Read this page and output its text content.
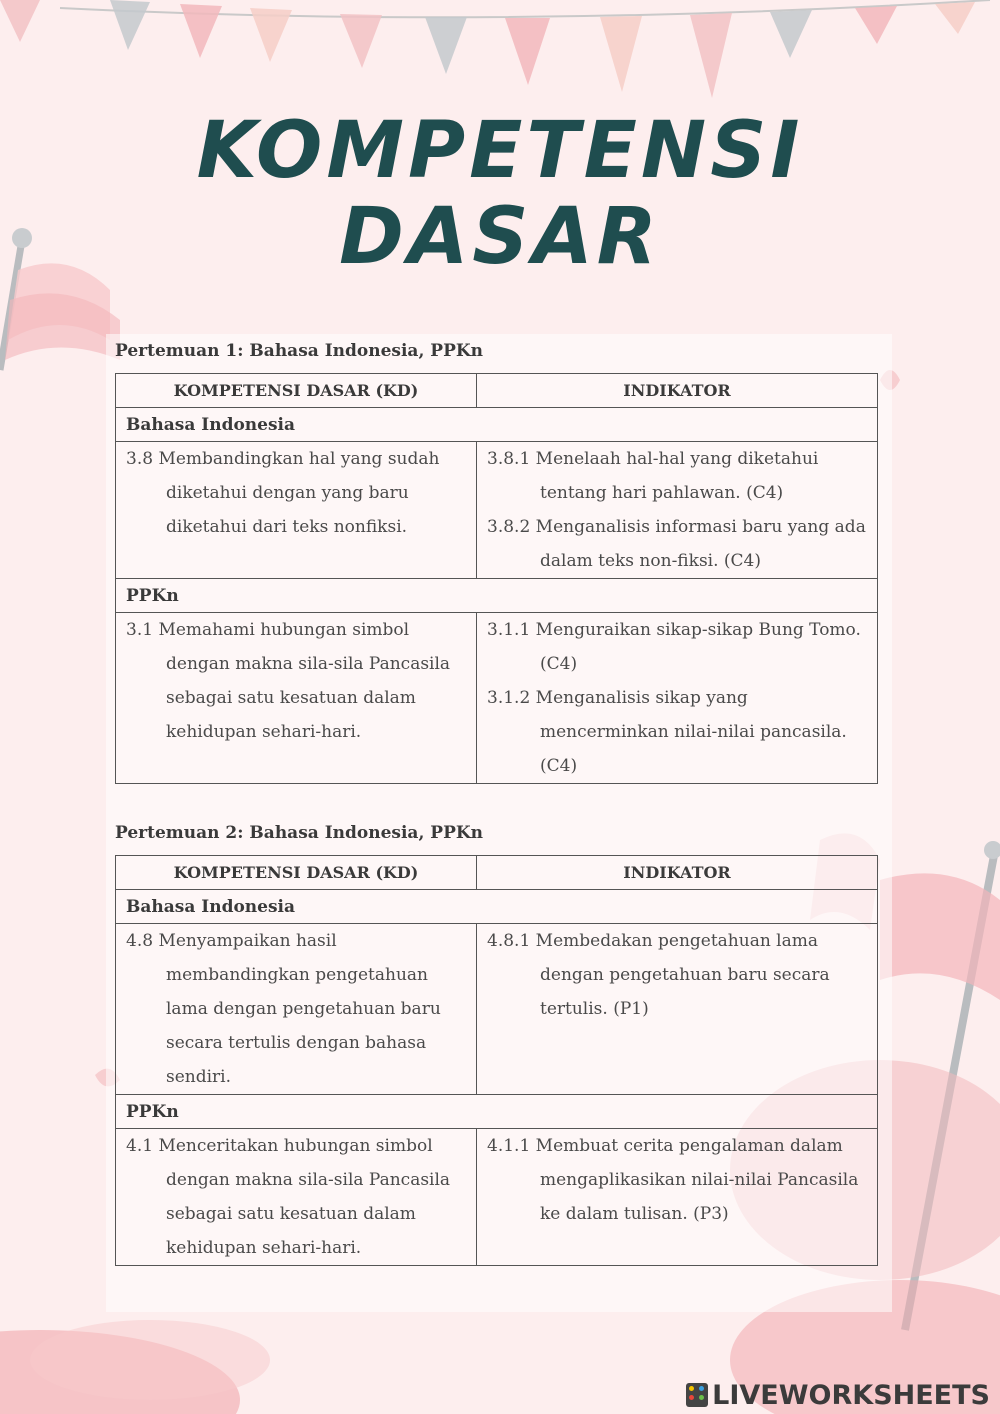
KOMPETENSI
DASAR
Pertemuan 1: Bahasa Indonesia, PPKn
KOMPETENSI DASAR (KD)	INDIKATOR
Bahasa Indonesia	

3.8 Membandingkan hal yang sudah diketahui dengan yang baru diketahui dari teks nonfiksi.	3.8.1 Menelaah hal-hal yang diketahui tentang hari pahlawan. (C4)
3.8.2 Menganalisis informasi baru yang ada dalam teks non-fiksi. (C4)

PPKn	

3.1 Memahami hubungan simbol dengan makna sila-sila Pancasila sebagai satu kesatuan dalam kehidupan sehari-hari.	3.1.1 Menguraikan sikap-sikap Bung Tomo. (C4)
3.1.2 Menganalisis sikap yang mencerminkan nilai-nilai pancasila. (C4)
Pertemuan 2: Bahasa Indonesia, PPKn
KOMPETENSI DASAR (KD)	INDIKATOR
Bahasa Indonesia	

4.8 Menyampaikan hasil membandingkan pengetahuan lama dengan pengetahuan baru secara tertulis dengan bahasa sendiri.	4.8.1 Membedakan pengetahuan lama dengan pengetahuan baru secara tertulis. (P1)

PPKn	

4.1 Menceritakan hubungan simbol dengan makna sila-sila Pancasila sebagai satu kesatuan dalam kehidupan sehari-hari.	4.1.1 Membuat cerita pengalaman dalam mengaplikasikan nilai-nilai Pancasila ke dalam tulisan. (P3)
LIVEWORKSHEETS
